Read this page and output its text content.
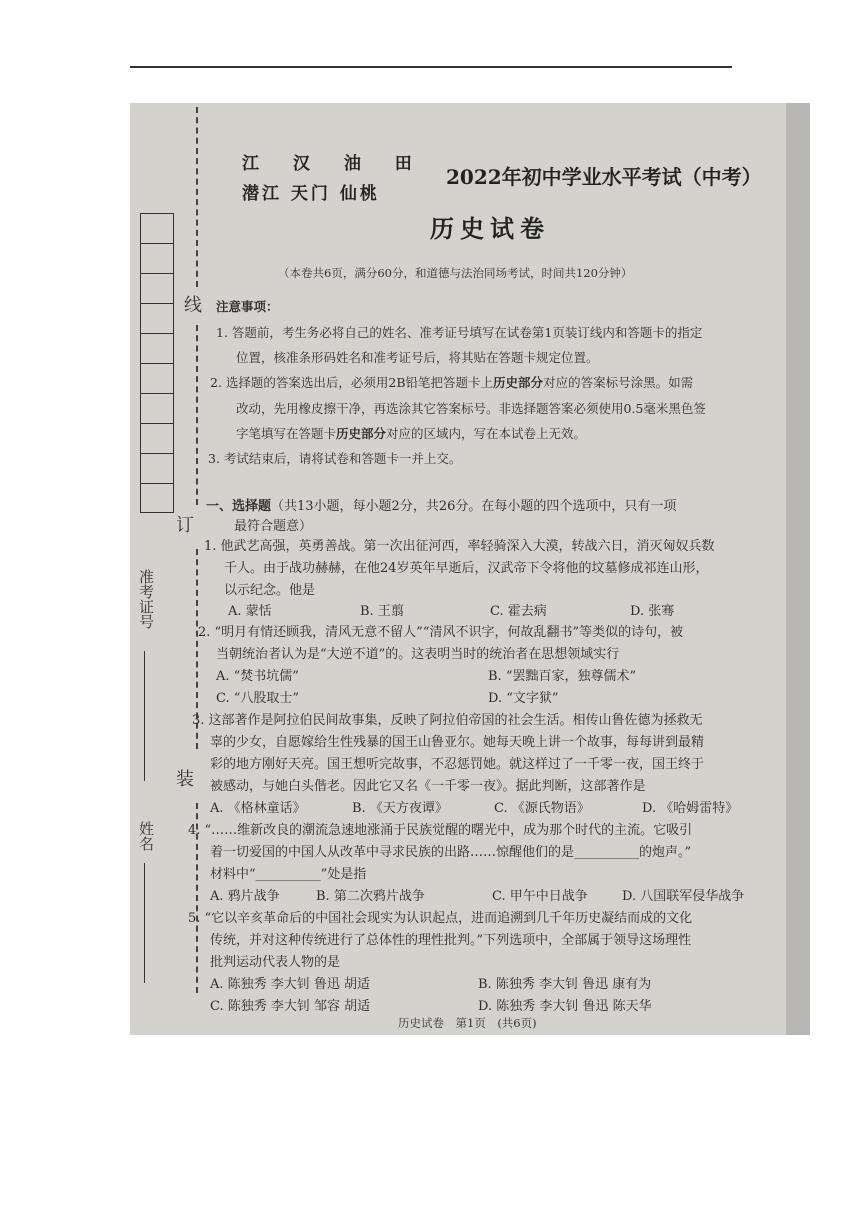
线
订
装
准考证号
姓名
江 汉 油 田
潜江 天门 仙桃
2022年初中学业水平考试（中考）
历史试卷
（本卷共6页，满分60分，和道德与法治同场考试，时间共120分钟）
注意事项：
1. 答题前，考生务必将自己的姓名、准考证号填写在试卷第1页装订线内和答题卡的指定
位置，核准条形码姓名和准考证号后，将其贴在答题卡规定位置。
2. 选择题的答案选出后，必须用2B铅笔把答题卡上历史部分对应的答案标号涂黑。如需
改动，先用橡皮擦干净，再选涂其它答案标号。非选择题答案必须使用0.5毫米黑色签
字笔填写在答题卡历史部分对应的区域内，写在本试卷上无效。
3. 考试结束后，请将试卷和答题卡一并上交。
一、选择题（共13小题，每小题2分，共26分。在每小题的四个选项中，只有一项
最符合题意）
1. 他武艺高强，英勇善战。第一次出征河西，率轻骑深入大漠，转战六日，消灭匈奴兵数
千人。由于战功赫赫，在他24岁英年早逝后，汉武帝下令将他的坟墓修成祁连山形，
以示纪念。他是
A. 蒙恬	B. 王翦	C. 霍去病	D. 张骞
2. “明月有情还顾我，清风无意不留人”“清风不识字，何故乱翻书”等类似的诗句，被
当朝统治者认为是“大逆不道”的。这表明当时的统治者在思想领域实行
A. “焚书坑儒”	B. “罢黜百家，独尊儒术”
C. “八股取士”	D. “文字狱”
3. 这部著作是阿拉伯民间故事集，反映了阿拉伯帝国的社会生活。相传山鲁佐德为拯救无
辜的少女，自愿嫁给生性残暴的国王山鲁亚尔。她每天晚上讲一个故事，每每讲到最精
彩的地方刚好天亮。国王想听完故事，不忍惩罚她。就这样过了一千零一夜，国王终于
被感动，与她白头偕老。因此它又名《一千零一夜》。据此判断，这部著作是
A. 《格林童话》	B. 《天方夜谭》	C. 《源氏物语》	D. 《哈姆雷特》
4. “……维新改良的潮流急速地涨涌于民族觉醒的曙光中，成为那个时代的主流。它吸引
着一切爱国的中国人从改革中寻求民族的出路……惊醒他们的是__________的炮声。”
材料中“__________”处是指
A. 鸦片战争	B. 第二次鸦片战争	C. 甲午中日战争	D. 八国联军侵华战争
5. “它以辛亥革命后的中国社会现实为认识起点，进而追溯到几千年历史凝结而成的文化
传统，并对这种传统进行了总体性的理性批判。”下列选项中，全部属于领导这场理性
批判运动代表人物的是
A. 陈独秀 李大钊 鲁迅 胡适	B. 陈独秀 李大钊 鲁迅 康有为
C. 陈独秀 李大钊 邹容 胡适	D. 陈独秀 李大钊 鲁迅 陈天华
历史试卷　第1页　(共6页)
